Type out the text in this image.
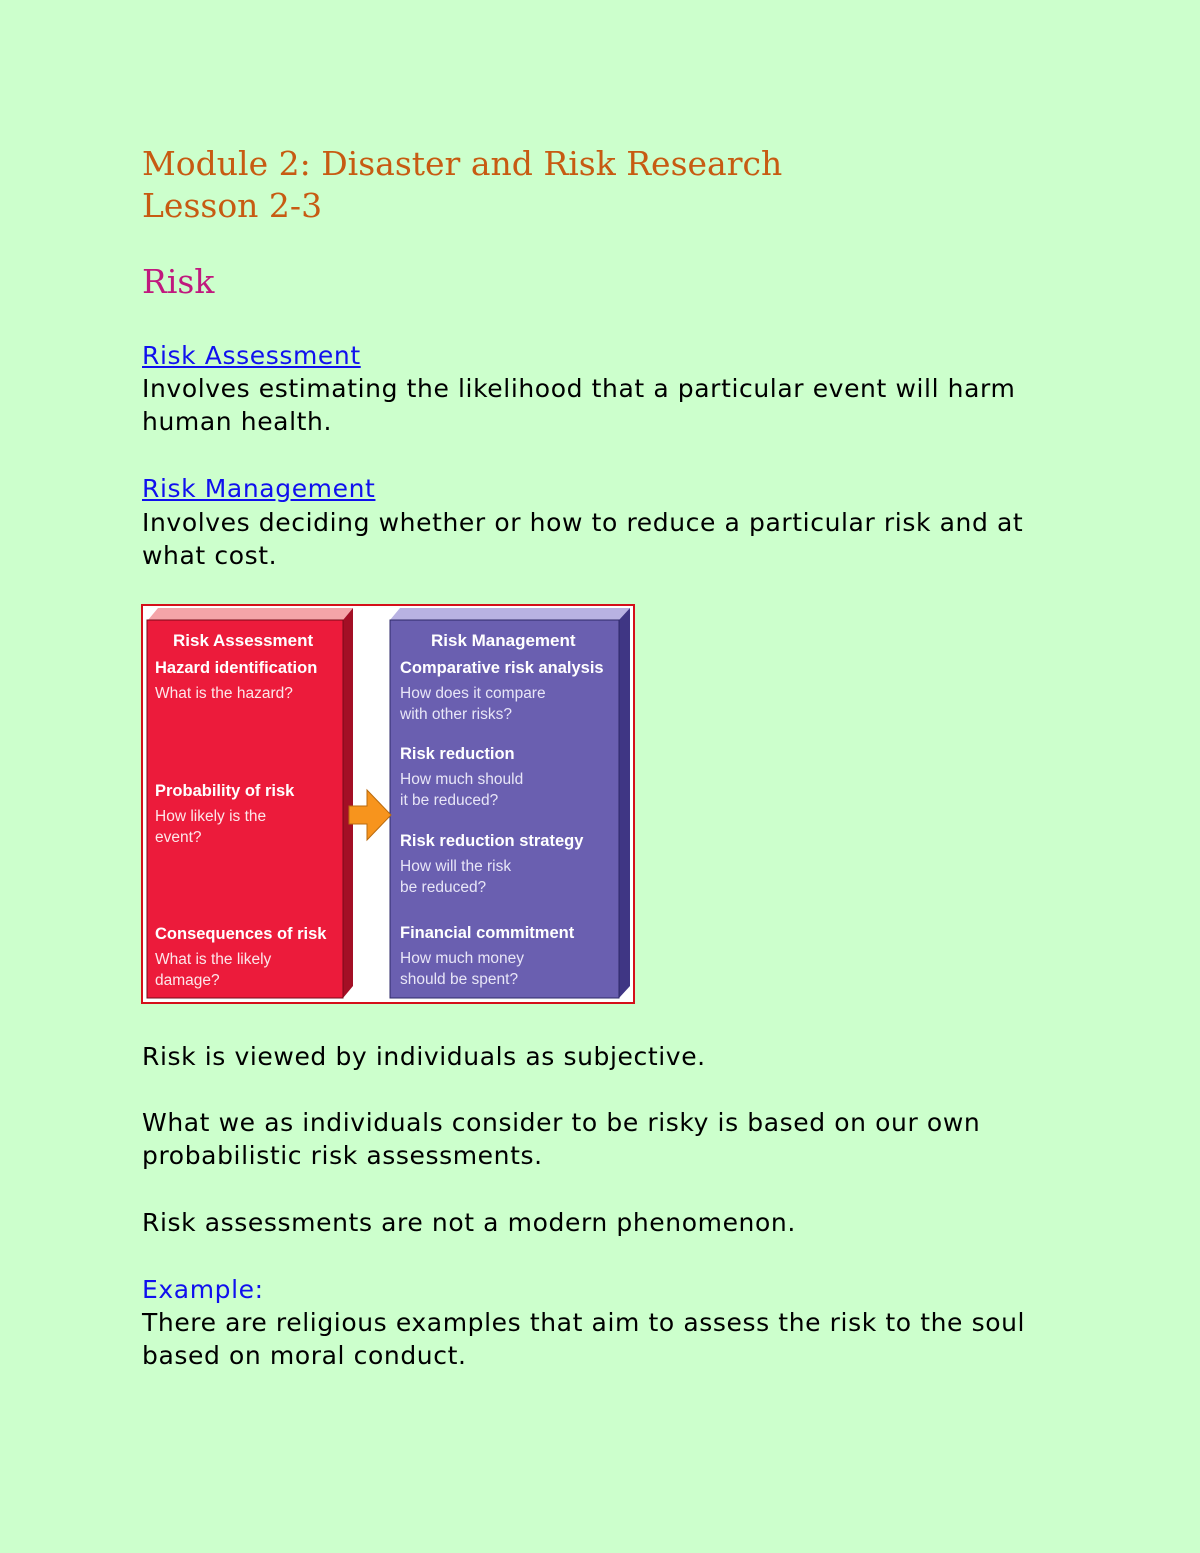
Module 2: Disaster and Risk Research
Lesson 2-3
Risk
Risk Assessment

Involves estimating the likelihood that a particular event will harm human health.

Risk Management

Involves deciding whether or how to reduce a particular risk and at what cost.

Risk Assessment

Hazard identification

What is the hazard?

Probability of risk

How likely is the
event?

Consequences of risk

What is the likely
damage?

Risk Management

Comparative risk analysis

How does it compare
with other risks?

Risk reduction

How much should
it be reduced?

Risk reduction strategy

How will the risk
be reduced?

Financial commitment

How much money
should be spent?

Risk is viewed by individuals as subjective.

What we as individuals consider to be risky is based on our own probabilistic risk assessments.

Risk assessments are not a modern phenomenon.

Example:

There are religious examples that aim to assess the risk to the soul based on moral conduct.
